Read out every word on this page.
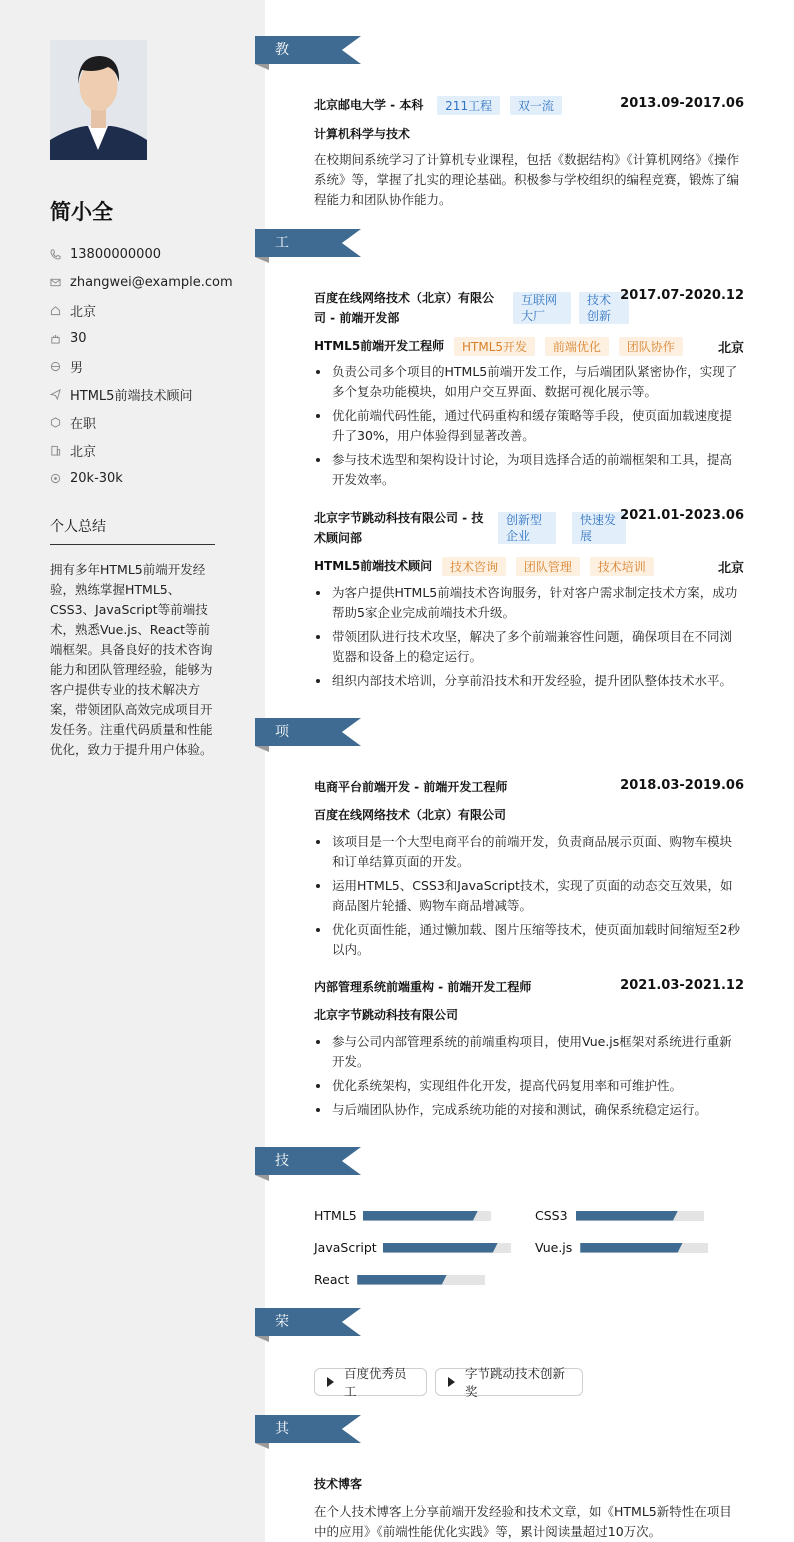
简小全
13800000000
zhangwei@example.com
北京
30
男
HTML5前端技术顾问
在职
北京
20k-30k
个人总结
拥有多年HTML5前端开发经验，熟练掌握HTML5、CSS3、JavaScript等前端技术，熟悉Vue.js、React等前端框架。具备良好的技术咨询能力和团队管理经验，能够为客户提供专业的技术解决方案，带领团队高效完成项目开发任务。注重代码质量和性能优化，致力于提升用户体验。
教育经历
北京邮电大学 - 本科 211工程 双一流	2013.09-2017.06
计算机科学与技术
在校期间系统学习了计算机专业课程，包括《数据结构》《计算机网络》《操作系统》等，掌握了扎实的理论基础。积极参与学校组织的编程竞赛，锻炼了编程能力和团队协作能力。
工作经历
百度在线网络技术（北京）有限公司 - 前端开发部
互联网大厂
技术创新
2017.07-2020.12
HTML5前端开发工程师 HTML5开发 前端优化 团队协作	北京
负责公司多个项目的HTML5前端开发工作，与后端团队紧密协作，实现了多个复杂功能模块，如用户交互界面、数据可视化展示等。
优化前端代码性能，通过代码重构和缓存策略等手段，使页面加载速度提升了30%，用户体验得到显著改善。
参与技术选型和架构设计讨论，为项目选择合适的前端框架和工具，提高开发效率。
北京字节跳动科技有限公司 - 技术顾问部
创新型企业
快速发展
2021.01-2023.06
HTML5前端技术顾问 技术咨询 团队管理 技术培训	北京
为客户提供HTML5前端技术咨询服务，针对客户需求制定技术方案，成功帮助5家企业完成前端技术升级。
带领团队进行技术攻坚，解决了多个前端兼容性问题，确保项目在不同浏览器和设备上的稳定运行。
组织内部技术培训，分享前沿技术和开发经验，提升团队整体技术水平。
项目经历
电商平台前端开发 - 前端开发工程师	2018.03-2019.06
百度在线网络技术（北京）有限公司
该项目是一个大型电商平台的前端开发，负责商品展示页面、购物车模块和订单结算页面的开发。
运用HTML5、CSS3和JavaScript技术，实现了页面的动态交互效果，如商品图片轮播、购物车商品增减等。
优化页面性能，通过懒加载、图片压缩等技术，使页面加载时间缩短至2秒以内。
内部管理系统前端重构 - 前端开发工程师	2021.03-2021.12
北京字节跳动科技有限公司
参与公司内部管理系统的前端重构项目，使用Vue.js框架对系统进行重新开发。
优化系统架构，实现组件化开发，提高代码复用率和可维护性。
与后端团队协作，完成系统功能的对接和测试，确保系统稳定运行。
技能专长
HTML5	CSS3
JavaScript	Vue.js
React
荣誉奖项
百度优秀员工
字节跳动技术创新奖
其他信息
技术博客
在个人技术博客上分享前端开发经验和技术文章，如《HTML5新特性在项目中的应用》《前端性能优化实践》等，累计阅读量超过10万次。
